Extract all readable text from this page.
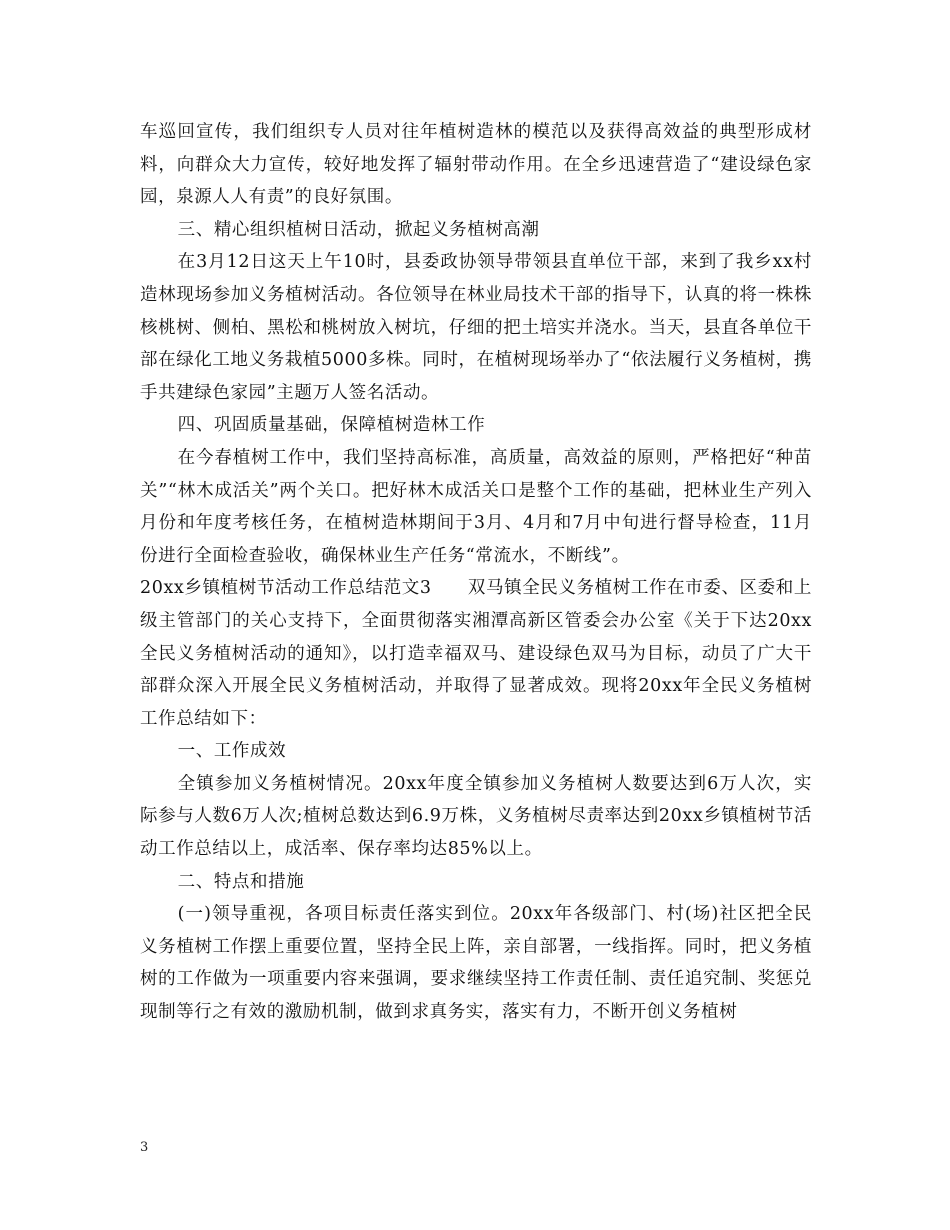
车巡回宣传，我们组织专人员对往年植树造林的模范以及获得高效益的典型形成材料，向群众大力宣传，较好地发挥了辐射带动作用。在全乡迅速营造了“建设绿色家园，泉源人人有责”的良好氛围。

三、精心组织植树日活动，掀起义务植树高潮

在3月12日这天上午10时，县委政协领导带领县直单位干部，来到了我乡xx村造林现场参加义务植树活动。各位领导在林业局技术干部的指导下，认真的将一株株核桃树、侧柏、黑松和桃树放入树坑，仔细的把土培实并浇水。当天，县直各单位干部在绿化工地义务栽植5000多株。同时，在植树现场举办了“依法履行义务植树，携手共建绿色家园”主题万人签名活动。

四、巩固质量基础，保障植树造林工作

在今春植树工作中，我们坚持高标准，高质量，高效益的原则，严格把好“种苗关”“林木成活关”两个关口。把好林木成活关口是整个工作的基础，把林业生产列入月份和年度考核任务，在植树造林期间于3月、4月和7月中旬进行督导检查，11月份进行全面检查验收，确保林业生产任务“常流水，不断线”。

20xx乡镇植树节活动工作总结范文3　　双马镇全民义务植树工作在市委、区委和上级主管部门的关心支持下，全面贯彻落实湘潭高新区管委会办公室《关于下达20xx全民义务植树活动的通知》，以打造幸福双马、建设绿色双马为目标，动员了广大干部群众深入开展全民义务植树活动，并取得了显著成效。现将20xx年全民义务植树工作总结如下：

一、工作成效

全镇参加义务植树情况。20xx年度全镇参加义务植树人数要达到6万人次，实际参与人数6万人次;植树总数达到6.9万株，义务植树尽责率达到20xx乡镇植树节活动工作总结以上，成活率、保存率均达85%以上。

二、特点和措施

(一)领导重视，各项目标责任落实到位。20xx年各级部门、村(场)社区把全民义务植树工作摆上重要位置，坚持全民上阵，亲自部署，一线指挥。同时，把义务植树的工作做为一项重要内容来强调，要求继续坚持工作责任制、责任追究制、奖惩兑现制等行之有效的激励机制，做到求真务实，落实有力，不断开创义务植树

3
